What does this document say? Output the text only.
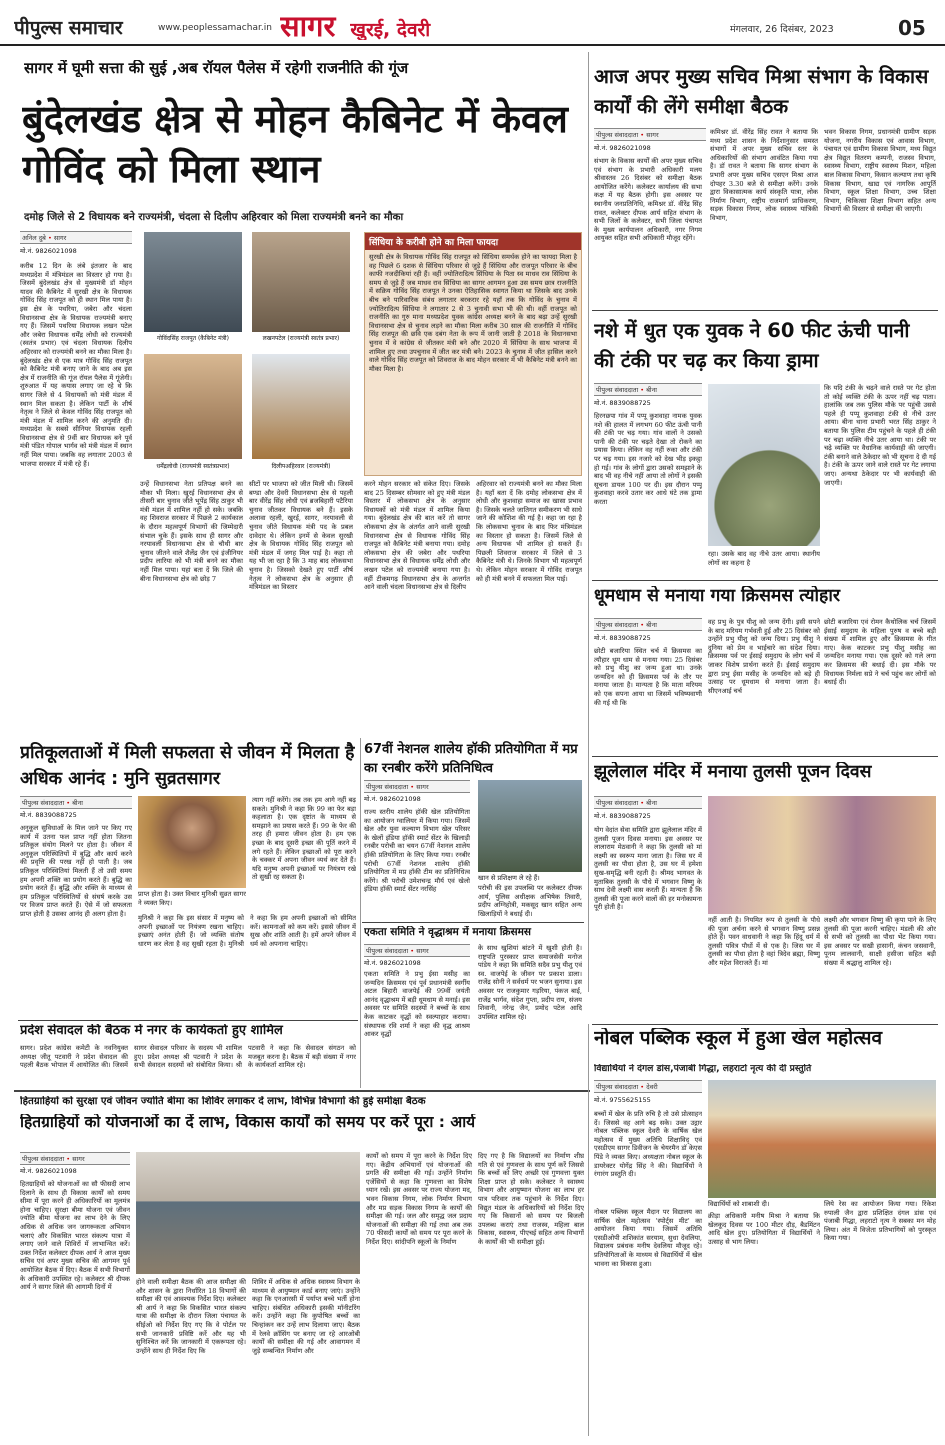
पीपुल्स समाचार	www.peoplessamachar.in सागर खुरई, देवरी	मंगलवार, 26 दिसंबर, 2023	05
सागर में घूमी सत्ता की सुई ,अब रॉयल पैलेस में रहेगी राजनीति की गूंज
बुंदेलखंड क्षेत्र से मोहन कैबिनेट में केवल गोविंद को मिला स्थान
दमोह जिले से 2 विधायक बने राज्यमंत्री, चंदला से दिलीप अहिरवार को मिला राज्यमंत्री बनने का मौका
अनिल दुबे • सागर
मो.नं. 9826021098
करीब 12 दिन के लंबे इंतजार के बाद मध्यप्रदेश में मंत्रिमंडल का विस्तार हो गया है। जिसमें बुंदेलखंड क्षेत्र से मुख्यमंत्री डॉ मोहन यादव की कैबिनेट में सुरखी क्षेत्र के विधायक गोविंद सिंह राजपूत को ही स्थान मिल पाया है। इस क्षेत्र के पथरिया, जबेरा और चंदला विधानसभा क्षेत्र के विधायक राज्यमंत्री बनाए गए हैं। जिसमें पथरिया विधायक लखन पटेल और जबेरा विधायक धर्मेंद्र लोधी को राज्यमंत्री (स्वतंत्र प्रभार) एवं चंदला विधायक दिलीप अहिरवार को राज्यमंत्री बनने का मौका मिला है। बुंदेलखंड क्षेत्र से एक मात्र गोविंद सिंह राजपूत को कैबिनेट मंत्री बनाए जाने के बाद अब इस क्षेत्र में राजनीति की गूंज रॉयल पैलेस में गूंजेगी। शुरुआत में यह कयास लगाए जा रहे थे कि सागर जिले से 4 विधायकों को मंत्री मंडल में स्थान मिल सकता है। लेकिन पार्टी के शीर्ष नेतृत्व ने जिले से केवल गोविंद सिंह राजपूत को मंत्री मंडल में शामिल करने की अनुमति दी। मध्यप्रदेश के सबसे सीनियर विधायक रहली विधानसभा क्षेत्र से 9वीं बार विधायक बने पूर्व मंत्री पंडित गोपाल भार्गव को मंत्री मंडल में स्थान नहीं मिल पाया। जबकि वह लगातार 2003 से भाजपा सरकार में मंत्री रहे हैं।
गोविंदसिंह राजपूत (कैबिनेट मंत्री)	लखनपटेल (राज्यमंत्री स्वतंत्र प्रभार)
धर्मेंद्रलोधी (राज्यमंत्री स्वतंत्रप्रभार)	दिलीपअहिरवार (राज्यमंत्री)
उन्हें विधानसभा नेता प्रतिपक्ष बनने का मौका भी मिला। खुरई विधानसभा क्षेत्र से तीसरी बार चुनाव जीते भूपेंद्र सिंह ठाकुर भी मंत्री मंडल में शामिल नहीं हो सके। जबकि वह शिवराज सरकार में पिछले 2 कार्यकाल के दौरान महत्वपूर्ण विभागों की जिम्मेदारी संभाल चुके हैं। इसके साथ ही सागर और नरयावली विधानसभा क्षेत्र से चौथी बार चुनाव जीतने वाले शैलेंद्र जैन एवं इंजीनियर प्रदीप लारिया को भी मंत्री बनने का मौका नहीं मिल पाया। यहां बता दें कि जिले की बीना विधानसभा क्षेत्र को छोड़ 7
सीटों पर भाजपा को जीत मिली थी। जिसमें बण्डा और देवरी विधानसभा क्षेत्र से पहली बार वीरेंद्र सिंह लोधी एवं ब्रजबिहारी पटैरिया चुनाव जीतकर विधायक बने हैं। इसके अलावा रहली, खुरई, सागर, नरयावली से चुनाव जीते विधायक मंत्री पद के प्रबल दावेदार थे। लेकिन इनमें से केवल सुरखी क्षेत्र के विधायक गोविंद सिंह राजपूत को मंत्री मंडल में जगह मिल पाई है। कहा तो यह भी जा रहा है कि 3 माह बाद लोकसभा चुनाव है। जिसको देखते हुए पार्टी शीर्ष नेतृत्व ने लोकसभा क्षेत्र के अनुसार ही मंत्रिमंडल का विस्तार
सिंधिया के करीबी होने का मिला फायदा
सुरखी क्षेत्र के विधायक गोविंद सिंह राजपूत को सिंधिया समर्थक होने का फायदा मिला है वह पिछले 6 दशक से सिंधिया परिवार से जुड़े हैं सिंधिया और राजपूत परिवार के बीच काफी नजदीकियां रही हैं। वहीं ज्योतिरादित्य सिंधिया के पिता स्व माधव राव सिंधिया के समय से जुड़े हैं जब माधव राव सिंधिया का सागर आगमन हुआ उस समय छात्र राजनीति में सक्रिय गोविंद सिंह राजपूत ने उनका ऐतिहासिक स्वागत किया था जिसके बाद उनके बीच बने पारिवारिक संबंध लगातार बरकरार रहे यहाँ तक कि गोविंद के चुनाव में ज्योतिरादित्य सिंधिया ने लगातार 2 से 3 चुनावी सभा भी की थी। वहीं राजपूत को राजनीति का गुरु माना मध्यप्रदेश युवक कांग्रेस अध्यक्ष बनने के बाद बढ़ा उन्हें सुरखी विधानसभा क्षेत्र से चुनाव लड़ने का मौका मिला करीब 30 साल की राजनीति में गोविंद सिंह राजपूत की छवि एक दबंग नेता के रूप में जानी जाती है 2018 के विधानसभा चुनाव में वे कांग्रेस से जीतकर मंत्री बने और 2020 में सिंधिया के साथ भाजपा में शामिल हुए तथा उपचुनाव में जीत कर मंत्री बने। 2023 के चुनाव में जीत हासिल करने वाले गोविंद सिंह राजपूत को शिवराज के बाद मोहन सरकार में भी कैबिनेट मंत्री बनने का मौका मिला है।
करने मोहन सरकार को संकेत दिए। जिसके बाद 25 दिसम्बर सोमवार को हुए मंत्री मंडल विस्तार में लोकसभा क्षेत्र के अनुसार विधायकों को मंत्री मंडल में शामिल किया गया। बुंदेलखंड क्षेत्र की बात करें तो सागर लोकसभा क्षेत्र के अंतर्गत आने वाली सुरखी विधानसभा क्षेत्र से विधायक गोविंद सिंह राजपूत को कैबिनेट मंत्री बनाया गया। दमोह लोकसभा क्षेत्र की जबेरा और पथरिया विधानसभा क्षेत्र से विधायक धर्मेंद्र लोधी और लखन पटेल को राज्यमंत्री बनाया गया है। वहीं टीकमगढ़ विधानसभा क्षेत्र के अन्तर्गत आने वाली चंदला विधानसभा क्षेत्र से दिलीप
अहिरवार को राज्यमंत्री बनने का मौका मिला है। यहाँ बता दें कि दमोह लोकसभा क्षेत्र में लोधी और कुशवाहा समाज का खासा प्रभाव है। जिसके चलते जातिगत समीकरण भी साधे जाने की कोशिश की गई है। कहा जा रहा है कि लोकसभा चुनाव के बाद फिर मंत्रिमंडल का विस्तार हो सकता है। जिसमें जिले से अन्य विधायक भी शामिल हो सकते हैं। पिछली शिवराज सरकार में जिले से 3 कैबिनेट मंत्री थे। जिनके विभाग भी महत्वपूर्ण थे। लेकिन मोहन सरकार में गोविंद राजपूत को ही मंत्री बनने में सफलता मिल पाई।
आज अपर मुख्य सचिव मिश्रा संभाग के विकास कार्यों की लेंगे समीक्षा बैठक
पीपुल्स संवाददाता • सागर
मो.नं. 9826021098
संभाग के विकास कार्यों की अपर मुख्य सचिव एवं संभाग के प्रभारी अधिकारी मलय श्रीवास्तव 26 दिसंबर को समीक्षा बैठक आयोजित करेंगे। कलेक्टर कार्यालय की सभा कक्ष में यह बैठक होगी। इस अवसर पर स्थानीय जनप्रतिनिधि, कमिश्नर डॉ. वीरेंद्र सिंह रावत, कलेक्टर दीपक आर्य सहित संभाग के सभी जिलों के कलेक्टर, सभी जिला पंचायत के मुख्य कार्यपालन अधिकारी, नगर निगम आयुक्त सहित सभी अधिकारी मौजूद रहेंगे।
कमिश्नर डॉ. वीरेंद्र सिंह रावत ने बताया कि मध्य प्रदेश शासन के निर्देशानुसार समस्त संभागों में अपर मुख्य सचिव स्तर के अधिकारियों की संभाग आवंटित किया गया है। डॉ रावत ने बताया कि सागर संभाग के प्रभारी अपर मुख्य सचिव एसएन मिश्रा आज दोपहर 3.30 बजे से समीक्षा करेंगे। उनके द्वारा विकासात्मक कार्य संस्कृति यात्रा, लोक निर्माण विभाग, राष्ट्रीय राजमार्ग प्राधिकरण, सड़क विकास निगम, लोक स्वास्थ्य यांत्रिकी विभाग,
भवन विकास निगम, प्रधानमंत्री ग्रामीण सड़क योजना, नगरीय विकास एवं आवास विभाग, पंचायत एवं ग्रामीण विकास विभाग, मध्य विद्युत क्षेत्र विद्युत वितरण कम्पनी, राजस्व विभाग, स्वास्थ्य विभाग, राष्ट्रीय स्वास्थ्य मिशन, महिला बाल विकास विभाग, किसान कल्याण तथा कृषि विकास विभाग, खाद्य एवं नागरिक आपूर्ति विभाग, स्कूल शिक्षा विभाग, उच्च शिक्षा विभाग, चिकित्सा शिक्षा विभाग सहित अन्य विभागों की विस्तार से समीक्षा की जाएगी।
नशे में धुत एक युवक ने 60 फीट ऊंची पानी की टंकी पर चढ़ कर किया ड्रामा
पीपुल्स संवाददाता • बीना
मो.नं. 8839088725
हिरनछपा गांव में पप्पू कुशवाहा नामक युवक नशे की हालत में लगभग 60 फीट ऊंची पानी की टंकी पर चढ़ गया। गांव वालों ने उसको पानी की टंकी पर चढ़ते देखा तो रोकने का प्रयास किया। लेकिन वह नहीं रुका और टंकी पर चढ़ गया। इस नजारे को देख भीड़ इकट्ठा हो गई। गांव के लोगों द्वारा उसको समझाने के बाद भी वह नीचे नहीं आया तो लोगों ने इसकी सूचना डायल 100 पर दी। इस दौरान पप्पू कुशवाहा करवे उतार कर आधे घंटे तक ड्रामा करता
रहा। उसके बाद वह नीचे उतर आया। स्थानीय लोगों का कहना है
कि यदि टंकी के चढ़ने वाले रास्ते पर गेट होता तो कोई व्यक्ति टंकी के ऊपर नहीं चढ़ पाता। हालांकि जब तक पुलिस मौके पर पहुंची उससे पहले ही पप्पू कुशवाहा टंकी से नीचे उतर आया। बीना थाना प्रभारी भरत सिंह ठाकुर ने बताया कि पुलिस टीम पहुंचने के पहले ही टंकी पर चढ़ा व्यक्ति नीचे उतर आया था। टंकी पर चढ़े व्यक्ति पर वैधानिक कार्यवाही की जाएगी। टंकी बनाने वाले ठेकेदार को भी सूचना दे दी गई है। टंकी के ऊपर जाने वाले रास्ते पर गेट लगाया जाए। अन्यथा ठेकेदार पर भी कार्यवाही की जाएगी।
धूमधाम से मनाया गया क्रिसमस त्योहार
पीपुल्स संवाददाता • बीना
मो.नं. 8839088725
छोटी बजारिया स्थित चर्च में क्रिसमस का त्यौहार धूम धाम से मनाया गया। 25 दिसंबर को प्रभु यीशु का जन्म हुआ था। उनके जन्मदिन को ही क्रिसमस पर्व के तौर पर मनाया जाता है। मान्यता है कि माता मरियम को एक सपना आया था जिसमें भविष्यवाणी की गई थी कि
वह प्रभु के पुत्र यीशु को जन्म देंगी। इसी सपने के बाद मरियम गर्भवती हुईं और 25 दिसंबर को उन्होंने प्रभु यीशु को जन्म दिया। प्रभु यीशु ने दुनिया को प्रेम व भाईचारे का संदेश दिया। क्रिसमस पर्व पर ईसाई समुदाय के लोग चर्च में जाकर विशेष प्रार्थना करते हैं। ईसाई समुदाय द्वारा प्रभु ईसा मसीह के जन्मदिन को बड़े ही उत्साह पर धूमधाम से मनाया जाता है। सीएनआई चर्च
छोटी बजारिया एवं रोमन कैथोलिक चर्च जिसमें ईसाई समुदाय के महिला पुरुष व बच्चे बड़ी संख्या में शामिल हुए और क्रिसमस के गीत गाए। केक काटकर प्रभु यीशु मसीह का जन्मदिन मनाया गया। एक दूसरे को गले लगा कर क्रिसमस की बधाई दी। इस मौके पर विधायक निर्मला सप्रे ने चर्च पहुंच कर लोगों को बधाई दी।
झूलेलाल मंदिर में मनाया तुलसी पूजन दिवस
पीपुल्स संवाददाता • बीना
मो.नं. 8839088725
योग वेदांत सेवा समिति द्वारा झूलेलाल मंदिर में तुलसी पूजन दिवस मनाया। इस अवसर पर लालाराम मेठवानी ने कहा कि तुलसी को मां लक्ष्मी का स्वरूप माना जाता है। जिस घर में तुलसी का पौधा होता है, उस घर में हमेशा सुख-समृद्धि बनी रहती है। श्रीमद भागवत के मुताबिक तुलसी के पौधे में भगवान विष्णु के साथ देवी लक्ष्मी वास करती हैं। मान्यता है कि तुलसी की पूजा करने वालों की हर मनोकामना पूरी होती है।
नहीं आती है। नियमित रूप से तुलसी के पौधे की पूजा अर्चना करने से भगवान विष्णु प्रसन्न होते हैं। पवन वाधवानी ने कहा कि हिंदू धर्म में तुलसी पवित्र पौधों में से एक है। जिस घर में तुलसी का पौधा होता है वहां त्रिदेव ब्रह्मा, विष्णु और महेश विराजते हैं। मां
लक्ष्मी और भगवान विष्णु की कृपा पाने के लिए तुलसी की पूजा करनी चाहिए। मंडली की ओर से सभी को तुलसी का पौधा भेंट किया गया। इस अवसर पर सखी हासानी, कंचन जसवानी, पूनम लालवानी, साक्षी हसीजा सहित बड़ी संख्या में श्रद्धालु शामिल रहे।
67वीं नेशनल शालेय हॉकी प्रतियोगिता में मप्र का रनबीर करेंगे प्रतिनिधित्व
पीपुल्स संवाददाता • सागर
मो.नं. 9826021098
राज्य स्तरीय शालेय हॉकी खेल प्रतियोगिता का आयोजन ग्वालियर में किया गया। जिसमें खेल और युवा कल्याण विभाग खेल परिसर के खेलों इंडिया हॉकी स्मार्ट सेंटर के खिलाड़ी रनबीर परोची का चयन 67वीं नेशनल शालेय हॉकी प्रतियोगिता के लिए किया गया। रनबीर परोची 67वीं नेशनल शालेय हॉकी प्रतियोगिता में मप्र हॉकी टीम का प्रतिनिधित्व करेंगे। श्री परोची उमेशचन्द्र मौर्य एवं खेलो इंडिया हॉकी स्मार्ट सेंटर नरसिंह
खान से प्रशिक्षण ले रहे हैं।
परोची की इस उपलब्धि पर कलेक्टर दीपक आर्य, पुलिस अधीक्षक अभिषेक तिवारी, प्रदीप अग्निहोत्री, मकसूद खान सहित अन्य खिलाड़ियों ने बधाई दी।
एकता समिति ने वृद्धाश्रम में मनाया क्रिसमस
पीपुल्स संवाददाता • सागर
मो.नं. 9826021098
एकता समिति ने प्रभु ईसा मसीह का जन्मदिन क्रिसमस एवं पूर्व प्रधानमंत्री स्वर्गीय अटल बिहारी वाजपेई की 99वीं जयंती आनंद वृद्धाश्रम में बड़ी धूमधाम से मनाई। इस अवसर पर समिति सदस्यों ने बच्चों के साथ केक काटकर वृद्धों को स्वल्पाहार कराया। संस्थापक रवि शर्मा ने कहा की वृद्ध आश्रम आकर वृद्धों
के साथ खुशियां बांटने में खुशी होती है। राष्ट्रपति पुरस्कार प्राप्त समाजसेवी मनोज पांडेय ने कहा कि समिति सदैव प्रभु यीशु एवं स्व. वाजपेई के जीवन पर प्रकाश डाला। राजेंद्र सोनी ने सर्वधर्म पर भजन सुनाया। इस अवसर पर राजकुमार गड़रिया, पंकज बाई, राजेंद्र भार्गव, संदेश गुप्ता, प्रदीप राय, संजय शिवानी, नरेन्द्र जैन, प्रमोद पटेल आदि उपस्थित शामिल रहे।
प्रतिकूलताओं में मिली सफलता से जीवन में मिलता है अधिक आनंद : मुनि सुव्रतसागर
पीपुल्स संवाददाता • बीना
मो.नं. 8839088725
अनुकूल सुविधाओं के मिल जाने पर किए गए कार्य में उतना फल प्राप्त नहीं होता जितना प्रतिकूल संयोग मिलने पर होता है। जीवन में अनुकूल परिस्थितियों में बुद्धि और कार्य करने की प्रवृत्ति की परख नहीं हो पाती है। जब प्रतिकूल परिस्थितियां मिलती हैं तो उसी समय हम अपनी शक्ति का प्रयोग करते हैं। बुद्धि का प्रयोग करते हैं। बुद्धि और शक्ति के माध्यम से हम प्रतिकूल परिस्थितियों से संघर्ष करके उस पर विजय प्राप्त करते हैं। ऐसे में जो सफलता प्राप्त होती है उसका आनंद ही अलग होता है।
प्राप्त होता है। उक्त विचार मुनिश्री सुव्रत सागर ने व्यक्त किए।
त्याग नहीं करेंगे। तब तक हम आगे नहीं बढ़ सकते। मुनिश्री ने कहा कि 99 का फेर बड़ा कहलाता है। एक दृष्टांत के माध्यम से समझाने का प्रयास करते हैं। 99 के फेर की तरह ही हमारा जीवन होता है। हम एक इच्छा के बाद दूसरी इच्छा की पूर्ति करने में लगे रहते हैं। लेकिन इच्छाओं को पूरा करने के चक्कर में अपना जीवन व्यर्थ कर देते हैं। यदि मनुष्य अपनी इच्छाओं पर नियंत्रण रखे तो सुखी रह सकता है।
मुनिश्री ने कहा कि इस संसार में मनुष्य को अपनी इच्छाओं पर नियंत्रण रखना चाहिए। इच्छाएं अनंत होती हैं। जो व्यक्ति संतोष धारण कर लेता है वह सुखी रहता है। मुनिश्री ने कहा कि हम अपनी इच्छाओं को सीमित करें। कामनाओं को कम करें। इससे जीवन में सुख और शांति आती है। हमें अपने जीवन में धर्म को अपनाना चाहिए।
प्रदेश सेवादल की बैठक में नगर के कार्यकर्ता हुए शामिल
सागर। प्रदेश कांग्रेस कमेटी के नवनियुक्त अध्यक्ष जीतू पटवारी ने प्रदेश सेवादल की पहली बैठक भोपाल में आयोजित की। जिसमें सागर सेवादल परिवार के सदस्य भी शामिल हुए। प्रदेश अध्यक्ष श्री पटवारी ने प्रदेश के सभी सेवादल सदस्यों को संबोधित किया। श्री पटवारी ने कहा कि सेवादल संगठन को मजबूत करना है। बैठक में बड़ी संख्या में नगर के कार्यकर्ता शामिल रहे।
हितग्राहियों को सुरक्षा एवं जीवन ज्योति बीमा का शिविर लगाकर दें लाभ, विभिन्न विभागों की हुई समीक्षा बैठक
हितग्राहियों को योजनाओं का दें लाभ, विकास कार्यों को समय पर करें पूरा : आर्य
पीपुल्स संवाददाता • सागर
मो.नं. 9826021098
हितग्राहियों को योजनाओं का सौ फीसदी लाभ दिलाने के साथ ही विकास कार्यों को समय सीमा में पूरा करने ही अधिकारियों का मूलमंत्र होना चाहिए। सुरक्षा बीमा योजना एवं जीवन ज्योति बीमा योजना का लाभ देने के लिए अधिक से अधिक जन जागरूकता अभियान चलाएं और विकसित भारत संकल्प यात्रा में लगाए जाने वाले शिविरों में लाभान्वित करें। उक्त निर्देश कलेक्टर दीपक आर्य ने आज मुख्य सचिव एवं अपर मुख्य सचिव की आगमन पूर्व आयोजित बैठक में दिए। बैठक में सभी विभागों के अधिकारी उपस्थित रहे। कलेक्टर श्री दीपक आर्य ने सागर जिले की आगामी दिनों में
होने वाली समीक्षा बैठक की आज समीक्षा की और शासन के द्वारा निर्धारित 18 विभागों की समीक्षा की एवं आवश्यक निर्देश दिए। कलेक्टर श्री आर्य ने कहा कि विकसित भारत संकल्प यात्रा की समीक्षा के दौरान जिला पंचायत के सीईओ को निर्देश दिए गए कि वे पोर्टल पर सभी जानकारी प्रविष्टि करें और यह भी सुनिश्चित करें कि जानकारी में एकरूपता रहे। उन्होंने साथ ही निर्देश दिए कि
शिविर में अधिक से अधिक स्वास्थ्य विभाग के माध्यम से आयुष्मान कार्ड बनाए जाएं। उन्होंने कहा कि एनआरसी में पर्याप्त बच्चे भर्ती होना चाहिए। संबंधित अधिकारी इसकी मॉनीटरिंग करें। उन्होंने कहा कि कुपोषित बच्चों का चिन्हांकन कर उन्हें लाभ दिलाया जाए। बैठक में रेलवे क्रॉसिंग पर बनाए जा रहे आरओबी कार्यों की समीक्षा की गई और आवागमन में जुड़े सम्बन्धित निर्माण और
कार्यों को समय में पूरा करने के निर्देश दिए गए। केंद्रीय अभियानों एवं योजनाओं की प्रगति की समीक्षा की गई। उन्होंने निर्माण एजेंसियों से कहा कि गुणवत्ता का विशेष ध्यान रखें। इस अवसर पर राज्य योजना मद, भवन विकास निगम, लोक निर्माण विभाग और मप्र सड़क विकास निगम के कार्यों की समीक्षा की गई। जल और समृद्ध जल प्रदाय योजनाओं की समीक्षा की गई तथा अब तक 70 फीसदी कार्यों को समय पर पूरा करने के निर्देश दिए। सांदीपनि स्कूलों के निर्माण
दिए गए है कि विद्यालयों का निर्माण शीघ्र गति से एवं गुणवत्ता के साथ पूर्ण करें जिससे कि बच्चों को लिए अच्छी एवं गुणवत्ता युक्त शिक्षा प्राप्त हो सके। कलेक्टर ने स्वास्थ्य विभाग और आयुष्मान योजना का लाभ हर पात्र परिवार तक पहुंचाने के निर्देश दिए। विद्युत मंडल के अधिकारियों को निर्देश दिए गए कि किसानों को समय पर बिजली उपलब्ध कराएं तथा राजस्व, महिला बाल विकास, स्वास्थ्य, पीएचई सहित अन्य विभागों के कार्यों की भी समीक्षा हुई।
नोबल पब्लिक स्कूल में हुआ खेल महोत्सव
विद्यार्थियों ने दंगल डांस,पंजाबी गिद्धा, लहराटो नृत्य की दी प्रस्तुति
पीपुल्स संवाददाता • देवरी
मो.नं. 9755625155
बच्चों में खेल के प्रति रुचि है तो उसे प्रोत्साहन दें। जिससे वह आगे बढ़ सके। उक्त उद्गार नोबल पब्लिक स्कूल देवरी के वार्षिक खेल महोत्सव में मुख्य अतिथि शिक्षाविद् एवं एसडीएम सागर डिवीजन के चेयरमैन डॉ केएस पिंडे ने व्यक्त किए। अध्यक्षता नोबल स्कूल के डायरेक्टर योगेंद्र सिंह ने की। विद्यार्थियों ने रंगारंग प्रस्तुति दी।
नोबल पब्लिक स्कूल मैदान पर विद्यालय का वार्षिक खेल महोत्सव 'स्पोर्ट्स मीट' का आयोजन किया गया। जिसमें अतिथि एसडीओपी शशिकांत सरयाम, सुधा देवलिया, विद्यालय प्रबंधक मनीष देवलिया मौजूद रहे। प्रतियोगिताओं के माध्यम से विद्यार्थियों में खेल भावना का विकास हुआ।
विद्यार्थियों को शाबाशी दी।
क्रीड़ा अधिकारी मनीष मिश्रा ने बताया कि खेलकूद दिवस पर 100 मीटर दौड़, बैडमिंटन आदि खेल हुए। प्रतियोगिता में विद्यार्थियों ने उत्साह से भाग लिया।
लिये रेस का आयोजन किया गया। रिंकेश रुपाली जैन द्वारा प्रशिक्षित दंगल डांस एवं पंजाबी गिद्धा, लहराटो नृत्य ने सबका मन मोह लिया। अंत में विजेता प्रतिभागियों को पुरस्कृत किया गया।
